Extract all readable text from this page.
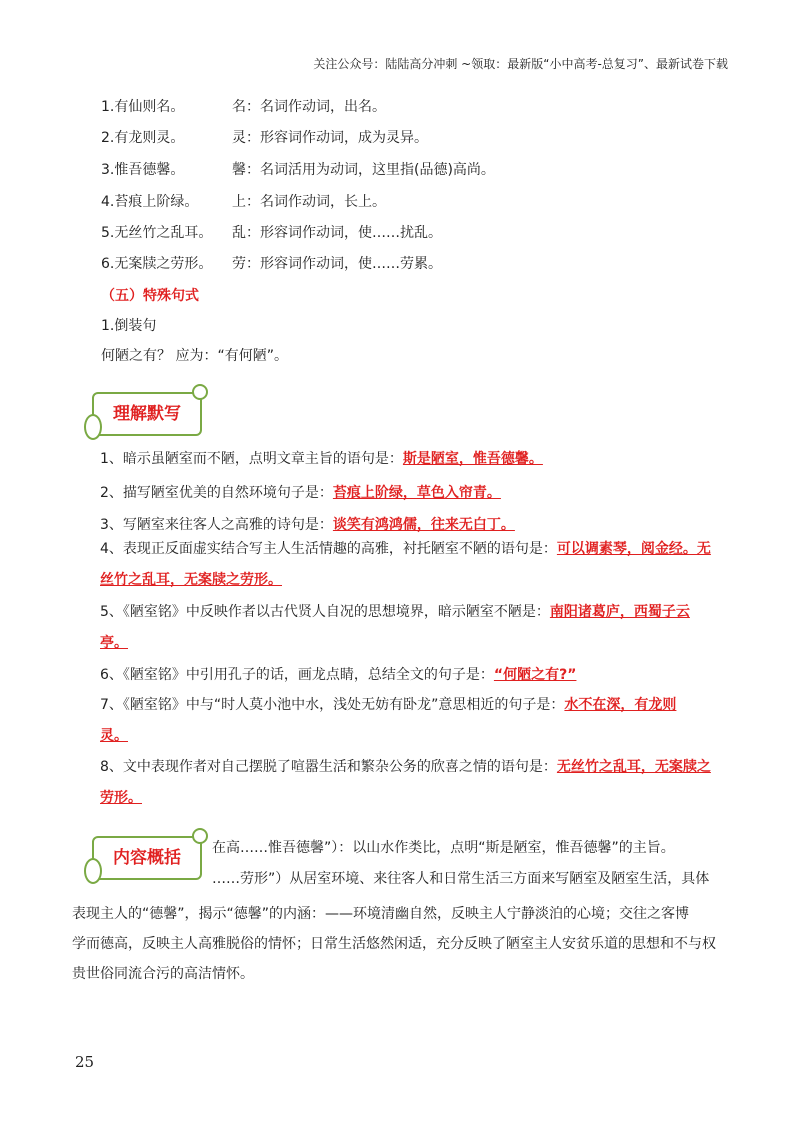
关注公众号：陆陆高分冲刺 ~领取：最新版“小中高考-总复习”、最新试卷下载
1.有仙则名。	名：名词作动词，出名。
2.有龙则灵。	灵：形容词作动词，成为灵异。
3.惟吾德馨。	馨：名词活用为动词，这里指(品德)高尚。
4.苔痕上阶绿。 上：名词作动词，长上。
5.无丝竹之乱耳。 乱：形容词作动词，使……扰乱。
6.无案牍之劳形。 劳：形容词作动词，使……劳累。
（五）特殊句式
1.倒装句
何陋之有？ 应为：“有何陋”。
理解默写
1、暗示虽陋室而不陋，点明文章主旨的语句是：斯是陋室，惟吾德馨。
2、描写陋室优美的自然环境句子是：苔痕上阶绿，草色入帘青。
3、写陋室来往客人之高雅的诗句是：谈笑有鸿鸿儒，往来无白丁。
4、表现正反面虚实结合写主人生活情趣的高雅，衬托陋室不陋的语句是：可以调素琴，阅金经。无
丝竹之乱耳，无案牍之劳形。
5、《陋室铭》中反映作者以古代贤人自况的思想境界，暗示陋室不陋是：南阳诸葛庐，西蜀子云
亭。
6、《陋室铭》中引用孔子的话，画龙点睛，总结全文的句子是：“何陋之有?”
7、《陋室铭》中与“时人莫小池中水，浅处无妨有卧龙”意思相近的句子是：水不在深，有龙则
灵。
8、文中表现作者对自己摆脱了喧嚣生活和繁杂公务的欣喜之情的语句是：无丝竹之乱耳，无案牍之
劳形。
在高……惟吾德馨”）：以山水作类比，点明“斯是陋室，惟吾德馨”的主旨。
……劳形”）从居室环境、来往客人和日常生活三方面来写陋室及陋室生活，具体
表现主人的“德馨”，揭示“德馨”的内涵：——环境清幽自然，反映主人宁静淡泊的心境；交往之客博
学而德高，反映主人高雅脱俗的情怀；日常生活悠然闲适，充分反映了陋室主人安贫乐道的思想和不与权
贵世俗同流合污的高洁情怀。
内容概括
25
